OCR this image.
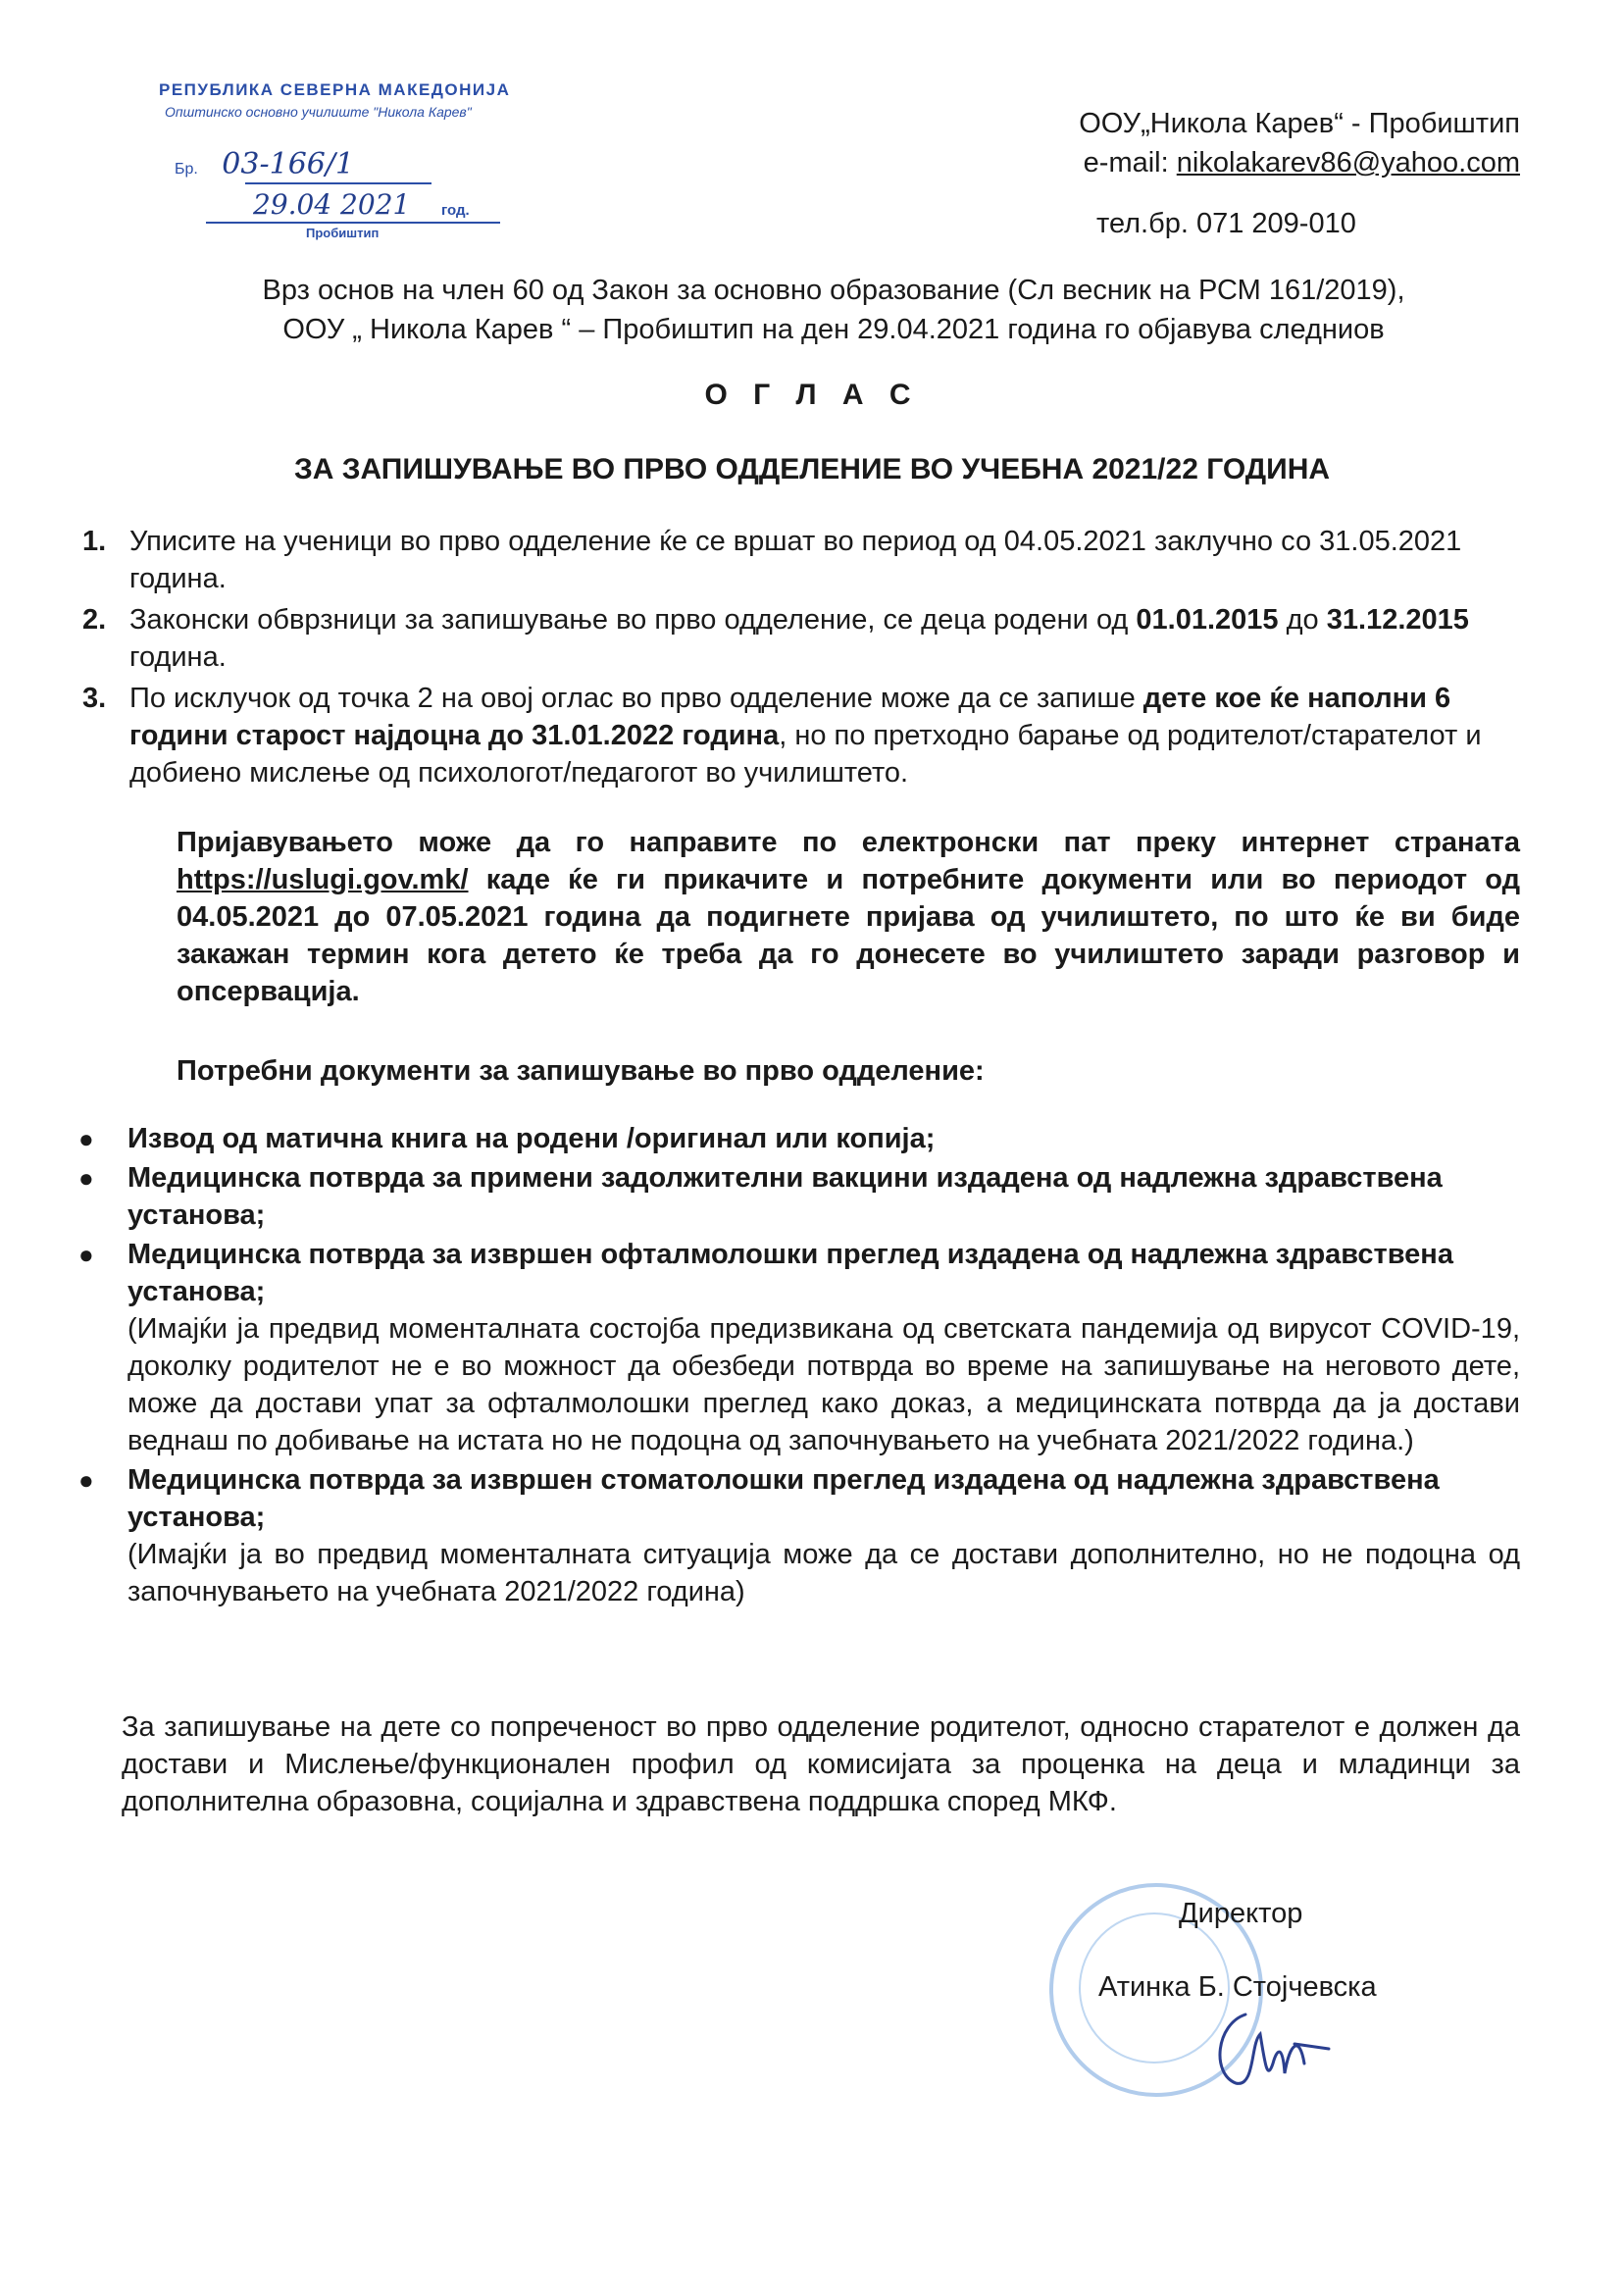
РЕПУБЛИКА СЕВЕРНА МАКЕДОНИЈА
Општинско основно училиште "Никола Карев"
Бр. 03-166/1
29.04 2021 год.
Пробиштип
ООУ„Никола Карев“ - Пробиштип
e-mail: nikolakarev86@yahoo.com
тел.бр. 071 209-010
Врз основ на член 60 од Закон за основно образование (Сл весник на РСМ 161/2019),
ООУ „ Никола Карев “ – Пробиштип на ден 29.04.2021 година го објавува следниов
О Г Л А С
ЗА ЗАПИШУВАЊЕ ВО ПРВО ОДДЕЛЕНИЕ ВО УЧЕБНА 2021/22 ГОДИНА
1. Уписите на ученици во прво одделение ќе се вршат во период од 04.05.2021 заклучно со 31.05.2021 година.
2. Законски обврзници за запишување во прво одделение, се деца родени од 01.01.2015 до 31.12.2015 година.
3. По исклучок од точка 2 на овој оглас во прво одделение може да се запише дете кое ќе наполни 6 години старост најдоцна до 31.01.2022 година, но по претходно барање од родителот/старателот и добиено мислење од психологот/педагогот во училиштето.
Пријавувањето може да го направите по електронски пат преку интернет страната https://uslugi.gov.mk/ каде ќе ги прикачите и потребните документи или во периодот од 04.05.2021 до 07.05.2021 година да подигнете пријава од училиштето, по што ќе ви биде закажан термин кога детето ќе треба да го донесете во училиштето заради разговор и опсервација.
Потребни документи за запишување во прво одделение:
● Извод од матична книга на родени /оригинал или копија;
● Медицинска потврда за примени задолжителни вакцини издадена од надлежна здравствена установа;
● Медицинска потврда за извршен офталмолошки преглед издадена од надлежна здравствена установа;
(Имајќи ја предвид моменталната состојба предизвикана од светската пандемија од вирусот COVID-19, доколку родителот не е во можност да обезбеди потврда во време на запишување на неговото дете, може да достави упат за офталмолошки преглед како доказ, а медицинската потврда да ја достави веднаш по добивање на истата но не подоцна од започнувањето на учебната 2021/2022 година.)
● Медицинска потврда за извршен стоматолошки преглед издадена од надлежна здравствена установа;
(Имајќи ја во предвид моменталната ситуација може да се достави дополнително, но не подоцна од започнувањето на учебната 2021/2022 година)
За запишување на дете со попреченост во прво одделение родителот, односно старателот е должен да достави и Мислење/функционален профил од комисијата за проценка на деца и младинци за дополнителна образовна, социјална и здравствена поддршка според МКФ.
Директор
Атинка Б. Стојчевска
